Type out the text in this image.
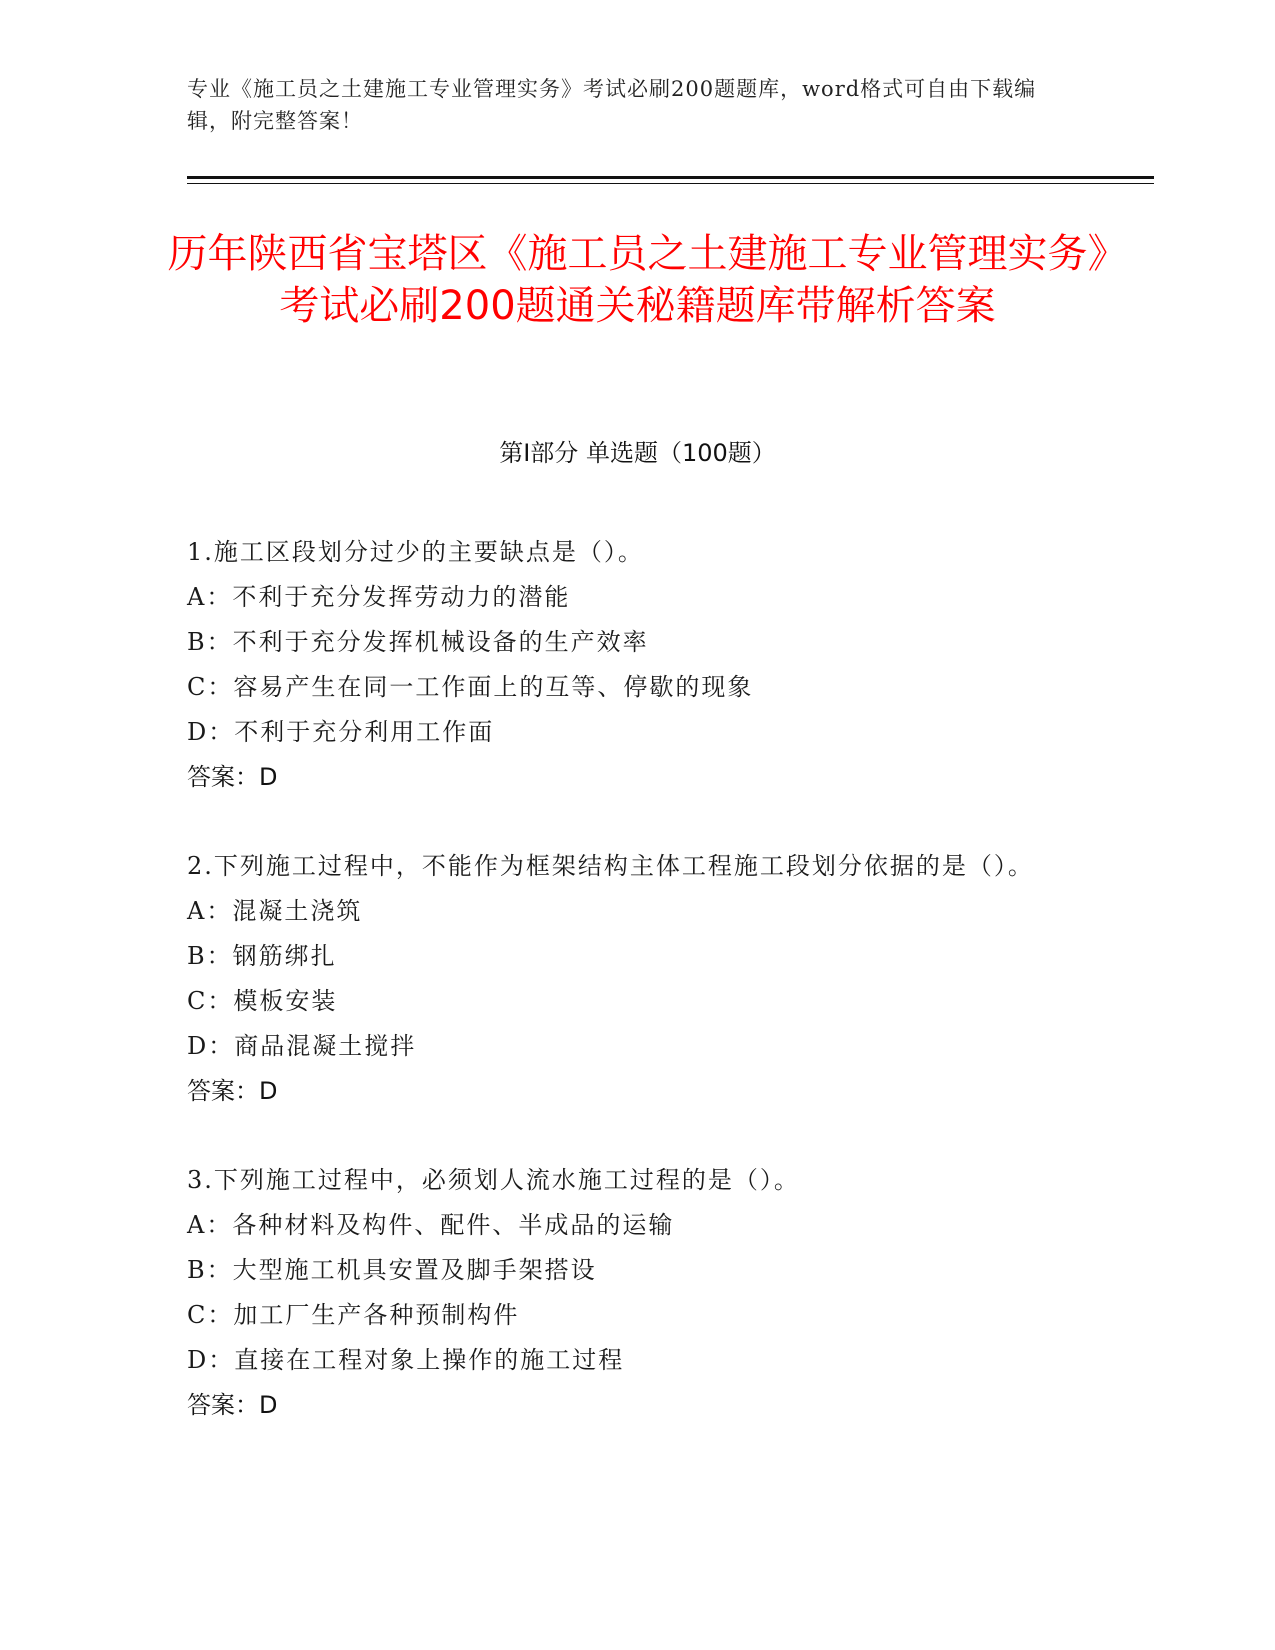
专业《施工员之土建施工专业管理实务》考试必刷200题题库，word格式可自由下载编辑，附完整答案！
历年陕西省宝塔区《施工员之土建施工专业管理实务》考试必刷200题通关秘籍题库带解析答案
第Ⅰ部分 单选题（100题）
1.施工区段划分过少的主要缺点是（）。
A：不利于充分发挥劳动力的潜能
B：不利于充分发挥机械设备的生产效率
C：容易产生在同一工作面上的互等、停歇的现象
D：不利于充分利用工作面
答案：D
2.下列施工过程中，不能作为框架结构主体工程施工段划分依据的是（）。
A：混凝土浇筑
B：钢筋绑扎
C：模板安装
D：商品混凝土搅拌
答案：D
3.下列施工过程中，必须划人流水施工过程的是（）。
A：各种材料及构件、配件、半成品的运输
B：大型施工机具安置及脚手架搭设
C：加工厂生产各种预制构件
D：直接在工程对象上操作的施工过程
答案：D
